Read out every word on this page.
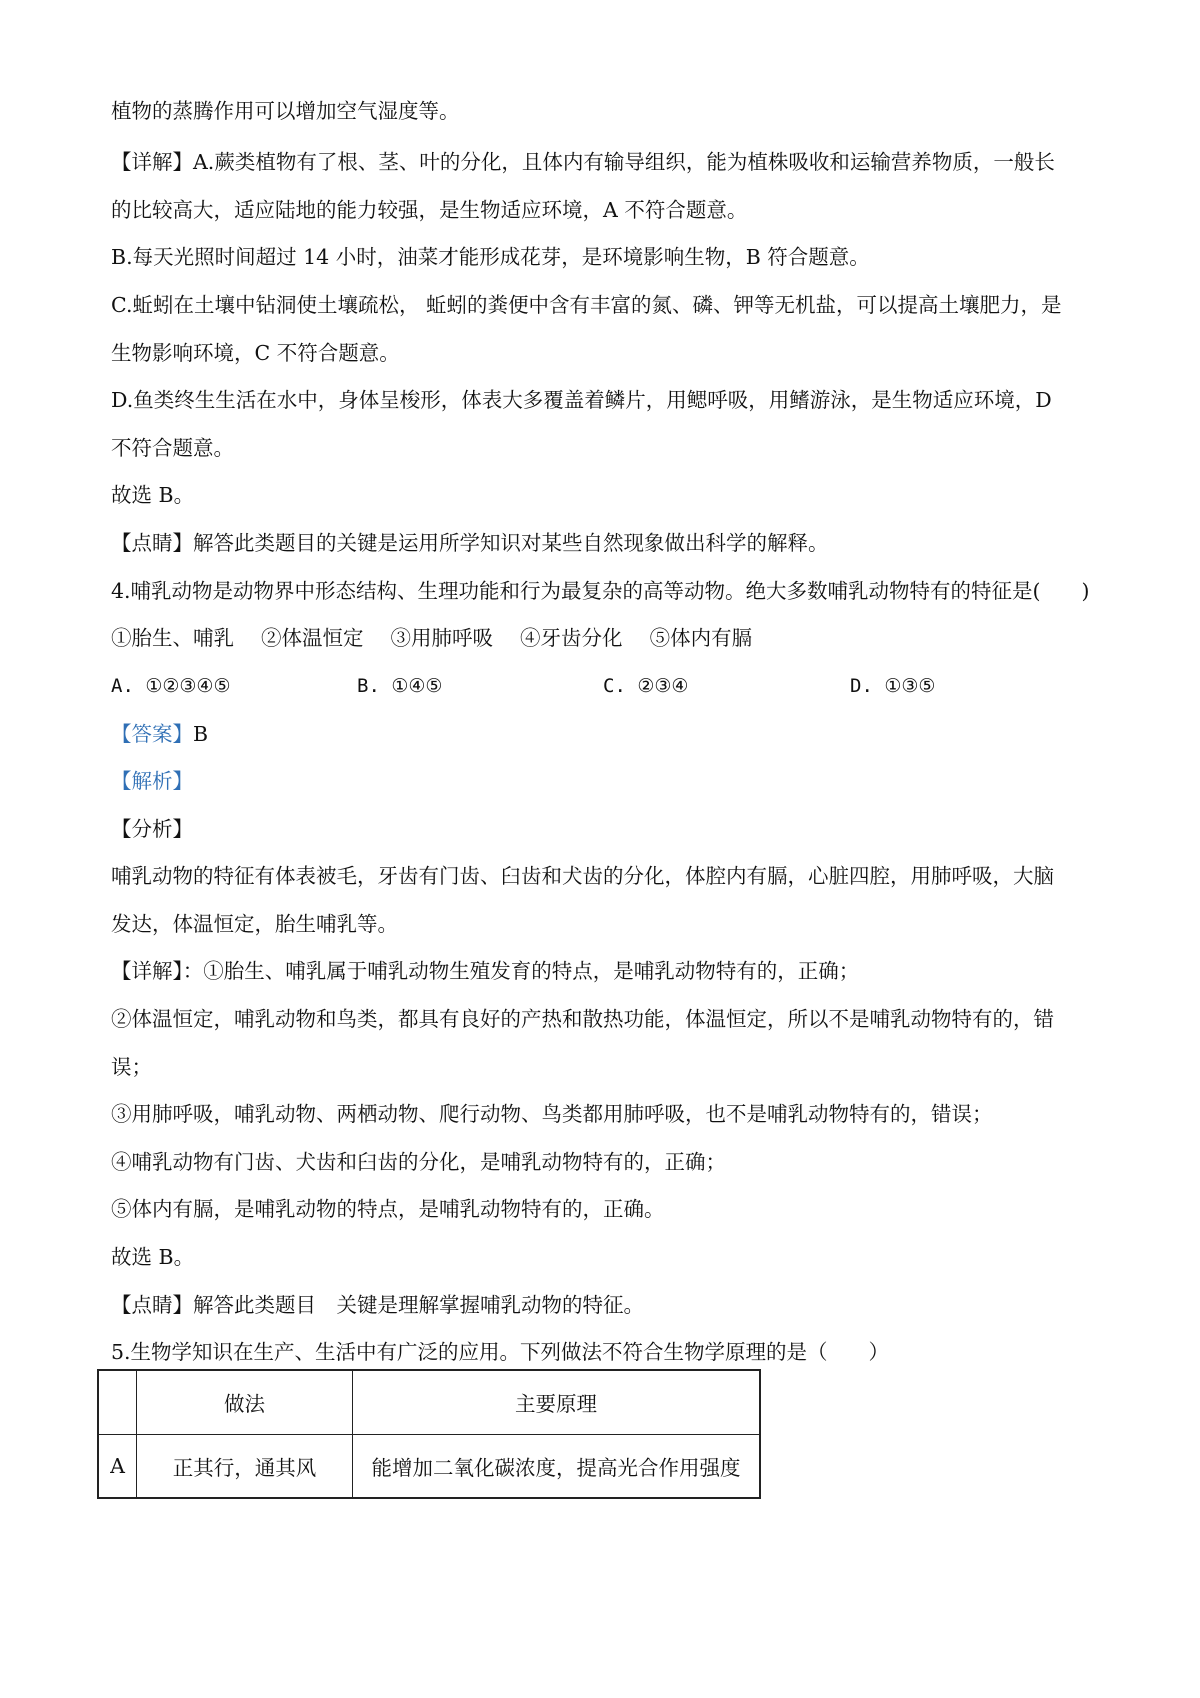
植物的蒸腾作用可以增加空气湿度等。
【详解】A.蕨类植物有了根、茎、叶的分化，且体内有输导组织，能为植株吸收和运输营养物质，一般长
的比较高大，适应陆地的能力较强，是生物适应环境，A 不符合题意。
B.每天光照时间超过 14 小时，油菜才能形成花芽，是环境影响生物，B 符合题意。
C.蚯蚓在土壤中钻洞使土壤疏松， 蚯蚓的粪便中含有丰富的氮、磷、钾等无机盐，可以提高土壤肥力，是
生物影响环境，C 不符合题意。
D.鱼类终生生活在水中，身体呈梭形，体表大多覆盖着鳞片，用鳃呼吸，用鳍游泳，是生物适应环境，D
不符合题意。
故选 B。
【点睛】解答此类题目的关键是运用所学知识对某些自然现象做出科学的解释。
4.哺乳动物是动物界中形态结构、生理功能和行为最复杂的高等动物。绝大多数哺乳动物特有的特征是(　　)
①胎生、哺乳　 ②体温恒定　 ③用肺呼吸　 ④牙齿分化　 ⑤体内有膈
A. ①②③④⑤	B. ①④⑤	C. ②③④	D. ①③⑤
【答案】B
【解析】
【分析】
哺乳动物的特征有体表被毛，牙齿有门齿、臼齿和犬齿的分化，体腔内有膈，心脏四腔，用肺呼吸，大脑
发达，体温恒定，胎生哺乳等。
【详解】：①胎生、哺乳属于哺乳动物生殖发育的特点，是哺乳动物特有的，正确；
②体温恒定，哺乳动物和鸟类，都具有良好的产热和散热功能，体温恒定，所以不是哺乳动物特有的，错
误；
③用肺呼吸，哺乳动物、两栖动物、爬行动物、鸟类都用肺呼吸，也不是哺乳动物特有的，错误；
④哺乳动物有门齿、犬齿和臼齿的分化，是哺乳动物特有的，正确；
⑤体内有膈，是哺乳动物的特点，是哺乳动物特有的，正确。
故选 B。
【点睛】解答此类题目　关键是理解掌握哺乳动物的特征。
5.生物学知识在生产、生活中有广泛的应用。下列做法不符合生物学原理的是（　　）
	做法	主要原理
A	正其行，通其风	能增加二氧化碳浓度，提高光合作用强度
